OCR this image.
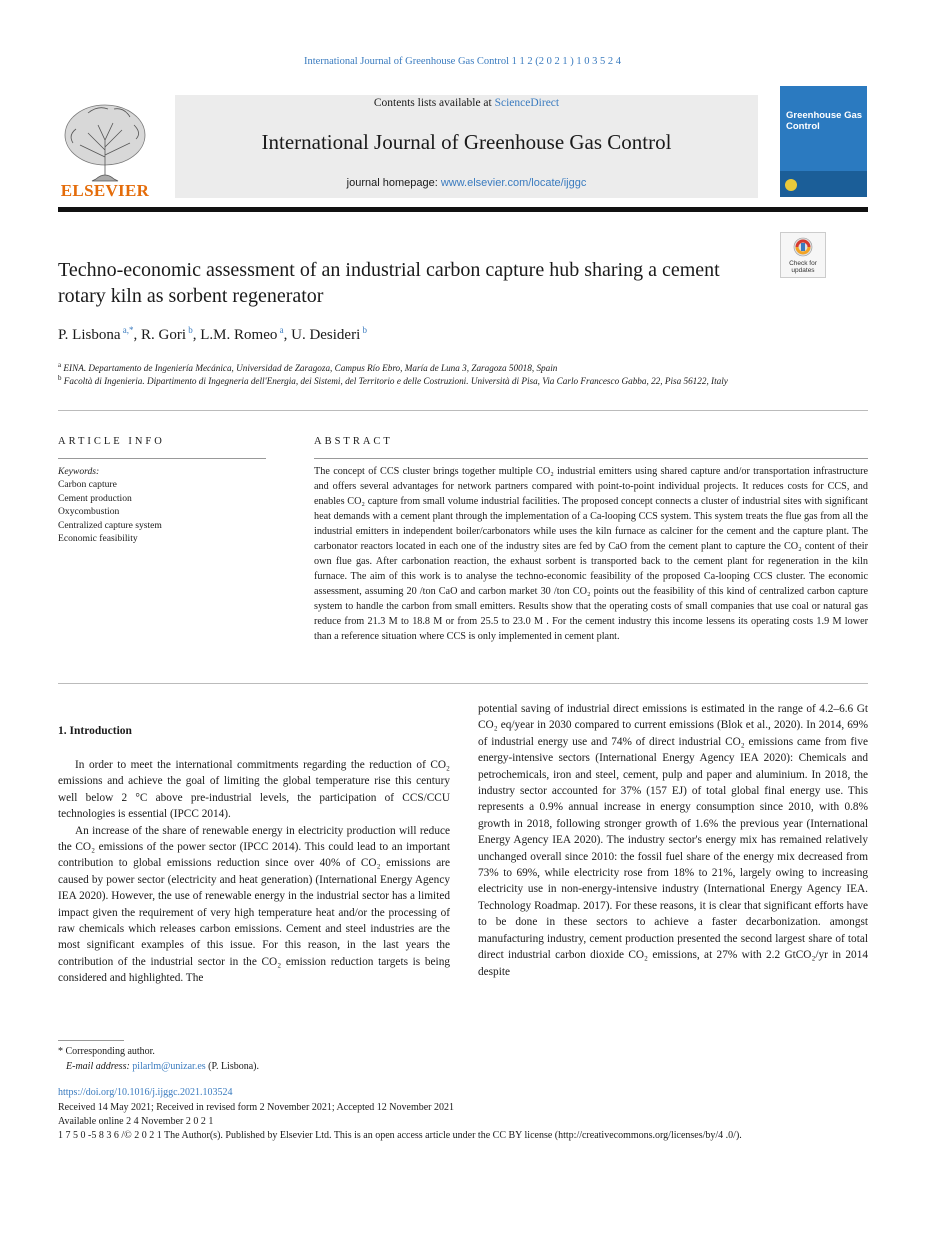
International Journal of Greenhouse Gas Control 1 1 2 (2 0 2 1 ) 1 0 3 5 2 4
Contents lists available at ScienceDirect
International Journal of Greenhouse Gas Control
journal homepage: www.elsevier.com/locate/ijggc
ELSEVIER
Greenhouse Gas Control
Check for updates
Techno-economic assessment of an industrial carbon capture hub sharing a cement rotary kiln as sorbent regenerator
P. Lisbona $^{a,*}$, R. Gori $^b$, L.M. Romeo $^a$, U. Desideri $^b$
$^a$ EINA. Departamento de Ingeniería Mecánica, Universidad de Zaragoza, Campus Río Ebro, María de Luna 3, Zaragoza 50018, Spain
$^b$ Facoltà di Ingenieria. Dipartimento di Ingegneria dell'Energia, dei Sistemi, del Territorio e delle Costruzioni. Università di Pisa, Via Carlo Francesco Gabba, 22, Pisa 56122, Italy
ARTICLE INFO	ABSTRACT
Keywords:
Carbon capture
Cement production
Oxycombustion
Centralized capture system
Economic feasibility
The concept of CCS cluster brings together multiple CO₂ industrial emitters using shared capture and/or transportation infrastructure and offers several advantages for network partners compared with point-to-point individual projects. It reduces costs for CCS, and enables CO₂ capture from small volume industrial facilities. The proposed concept connects a cluster of industrial sites with significant heat demands with a cement plant through the implementation of a Ca-looping CCS system. This system treats the flue gas from all the industrial emitters in independent boiler/carbonators while uses the kiln furnace as calciner for the cement and the capture plant. The carbonator reactors located in each one of the industry sites are fed by CaO from the cement plant to capture the CO₂ content of their own flue gas. After carbonation reaction, the exhaust sorbent is transported back to the cement plant for regeneration in the kiln furnace. The aim of this work is to analyse the techno-economic feasibility of the proposed Ca-looping CCS cluster. The economic assessment, assuming 20 /ton CaO and carbon market 30 /ton CO₂ points out the feasibility of this kind of centralized carbon capture system to handle the carbon from small emitters. Results show that the operating costs of small companies that use coal or natural gas reduce from 21.3 M to 18.8 M or from 25.5 to 23.0 M . For the cement industry this income lessens its operating costs 1.9 M lower than a reference situation where CCS is only implemented in cement plant.
1. Introduction

In order to meet the international commitments regarding the reduction of CO₂ emissions and achieve the goal of limiting the global temperature rise this century well below 2 °C above pre-industrial levels, the participation of CCS/CCU technologies is essential (IPCC 2014).

An increase of the share of renewable energy in electricity production will reduce the CO₂ emissions of the power sector (IPCC 2014). This could lead to an important contribution to global emissions reduction since over 40% of CO₂ emissions are caused by power sector (electricity and heat generation) (International Energy Agency IEA 2020). However, the use of renewable energy in the industrial sector has a limited impact given the requirement of very high temperature heat and/or the processing of raw chemicals which releases carbon emissions. Cement and steel industries are the most significant examples of this issue. For this reason, in the last years the contribution of the industrial sector in the CO₂ emission reduction targets is being considered and highlighted. The

potential saving of industrial direct emissions is estimated in the range of 4.2–6.6 Gt CO₂ eq/year in 2030 compared to current emissions (Blok et al., 2020). In 2014, 69% of industrial energy use and 74% of direct industrial CO₂ emissions came from five energy-intensive sectors (International Energy Agency IEA 2020): Chemicals and petrochemicals, iron and steel, cement, pulp and paper and aluminium. In 2018, the industry sector accounted for 37% (157 EJ) of total global final energy use. This represents a 0.9% annual increase in energy consumption since 2010, with 0.8% growth in 2018, following stronger growth of 1.6% the previous year (International Energy Agency IEA 2020). The industry sector's energy mix has remained relatively unchanged overall since 2010: the fossil fuel share of the energy mix decreased from 73% to 69%, while electricity rose from 18% to 21%, largely owing to increasing electricity use in non-energy-intensive industry (International Energy Agency IEA. Technology Roadmap. 2017). For these reasons, it is clear that significant efforts have to be done in these sectors to achieve a faster decarbonization. amongst manufacturing industry, cement production presented the second largest share of total direct industrial carbon dioxide CO₂ emissions, at 27% with 2.2 GtCO₂/yr in 2014 despite

* Corresponding author.
E-mail address: pilarlm@unizar.es (P. Lisbona).
https://doi.org/10.1016/j.ijggc.2021.103524
Received 14 May 2021; Received in revised form 2 November 2021; Accepted 12 November 2021
Available online 2 4 November 2 0 2 1
1 7 5 0 -5 8 3 6 /© 2 0 2 1 The Author(s). Published by Elsevier Ltd. This is an open access article under the CC BY license (http://creativecommons.org/licenses/by/4 .0/).
